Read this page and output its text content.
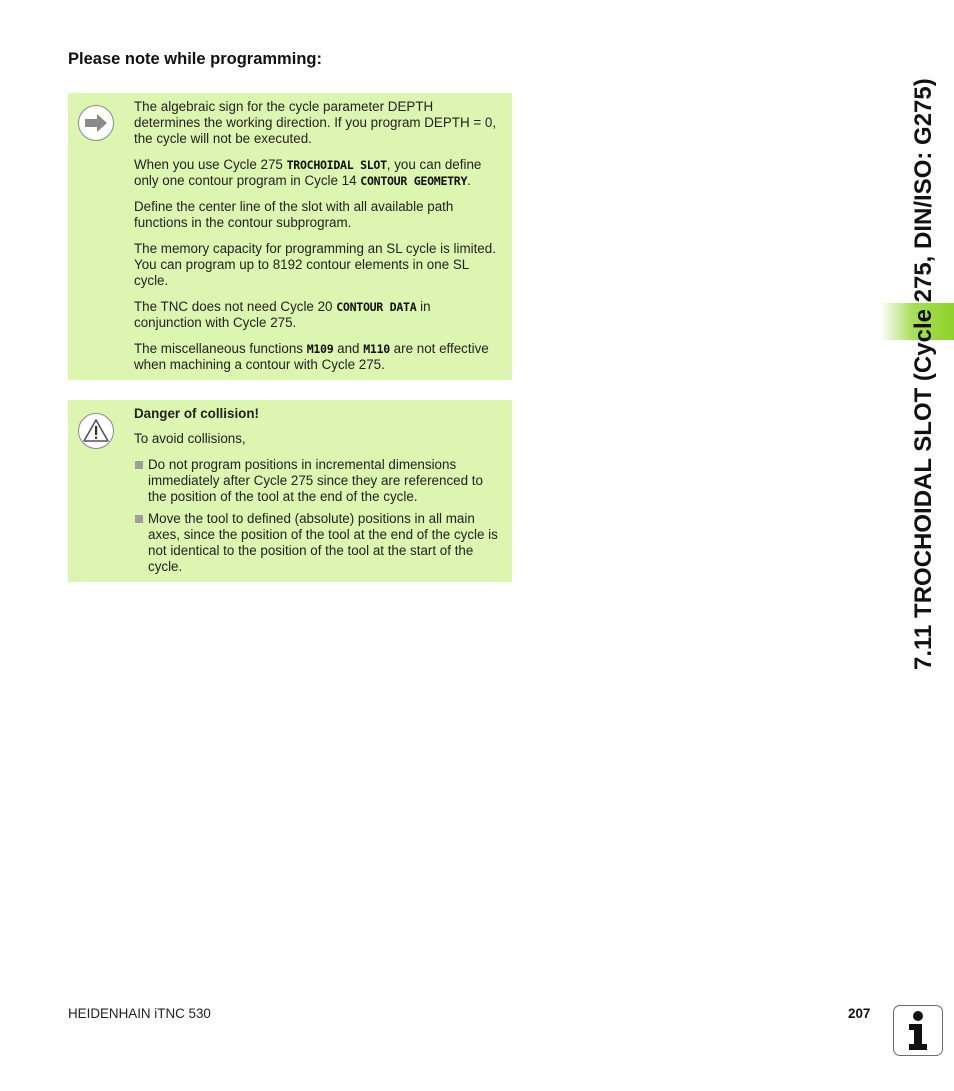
Please note while programming:

The algebraic sign for the cycle parameter DEPTH determines the working direction. If you program DEPTH = 0, the cycle will not be executed.

When you use Cycle 275 TROCHOIDAL SLOT, you can define only one contour program in Cycle 14 CONTOUR GEOMETRY.

Define the center line of the slot with all available path functions in the contour subprogram.

The memory capacity for programming an SL cycle is limited. You can program up to 8192 contour elements in one SL cycle.

The TNC does not need Cycle 20 CONTOUR DATA in conjunction with Cycle 275.

The miscellaneous functions M109 and M110 are not effective when machining a contour with Cycle 275.

Danger of collision!

To avoid collisions,

Do not program positions in incremental dimensions immediately after Cycle 275 since they are referenced to the position of the tool at the end of the cycle.
Move the tool to defined (absolute) positions in all main axes, since the position of the tool at the end of the cycle is not identical to the position of the tool at the start of the cycle.	7.11 TROCHOIDAL SLOT (Cycle 275, DIN/ISO: G275)
HEIDENHAIN iTNC 530	207
